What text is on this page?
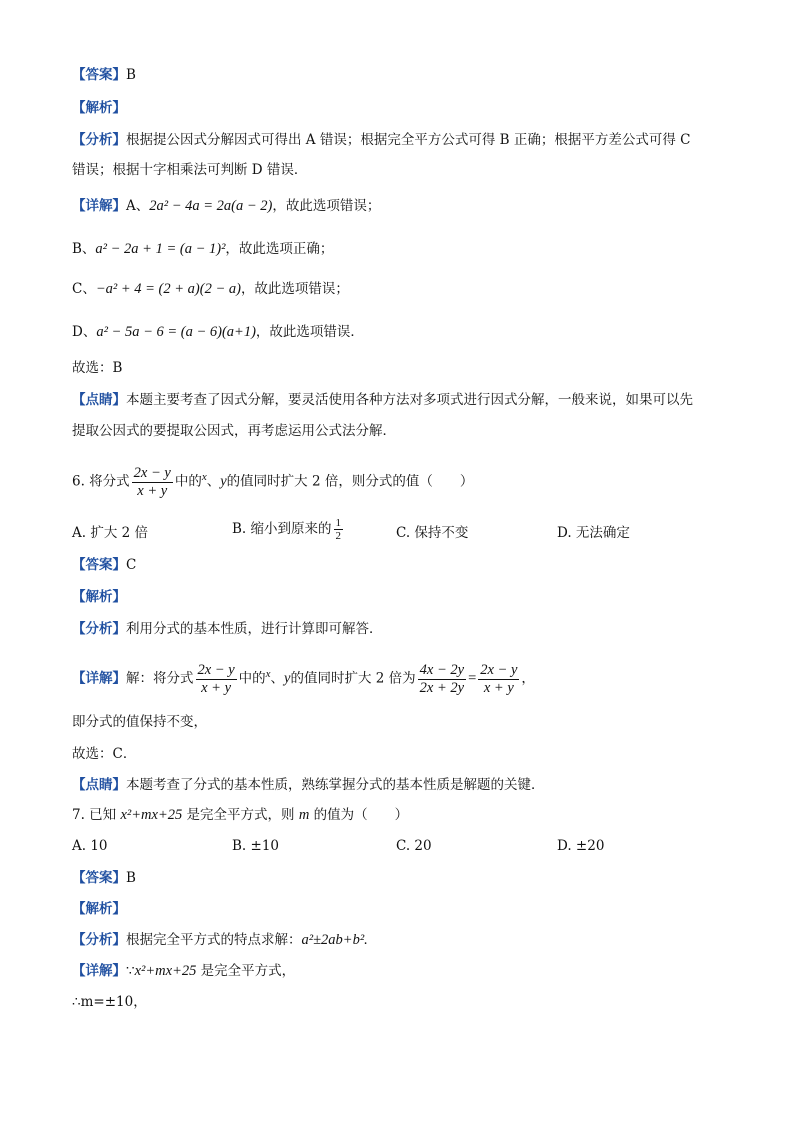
【答案】B
【解析】
【分析】根据提公因式分解因式可得出 A 错误；根据完全平方公式可得 B 正确；根据平方差公式可得 C
错误；根据十字相乘法可判断 D 错误．
【详解】A、2a² − 4a = 2a(a − 2)，故此选项错误；
B、a² − 2a + 1 = (a − 1)²，故此选项正确；
C、−a² + 4 = (2 + a)(2 − a)，故此选项错误；
D、a² − 5a − 6 = (a − 6)(a+1)，故此选项错误．
故选：B
【点睛】本题主要考查了因式分解，要灵活使用各种方法对多项式进行因式分解，一般来说，如果可以先
提取公因式的要提取公因式，再考虑运用公式法分解．
6. 将分式 $\frac{2x - y}{x + y}$ 中的$^x$、y的值同时扩大 2 倍，则分式的值（　　）
A. 扩大 2 倍	B. 缩小到原来的 $\frac{1}{2}$	C. 保持不变	D. 无法确定
【答案】C
【解析】
【分析】利用分式的基本性质，进行计算即可解答．
【详解】解：将分式 $\frac{2x - y}{x + y}$ 中的$^x$、y的值同时扩大 2 倍为 $\frac{4x - 2y}{2x + 2y} = \frac{2x - y}{x + y}$ ，
即分式的值保持不变，
故选：C．
【点睛】本题考查了分式的基本性质，熟练掌握分式的基本性质是解题的关键．
7. 已知 x²+mx+25 是完全平方式，则 m 的值为（　　）
A. 10	B. ±10	C. 20	D. ±20
【答案】B
【解析】
【分析】根据完全平方式的特点求解：a²±2ab+b².
【详解】∵x²+mx+25 是完全平方式，
∴m=±10，
